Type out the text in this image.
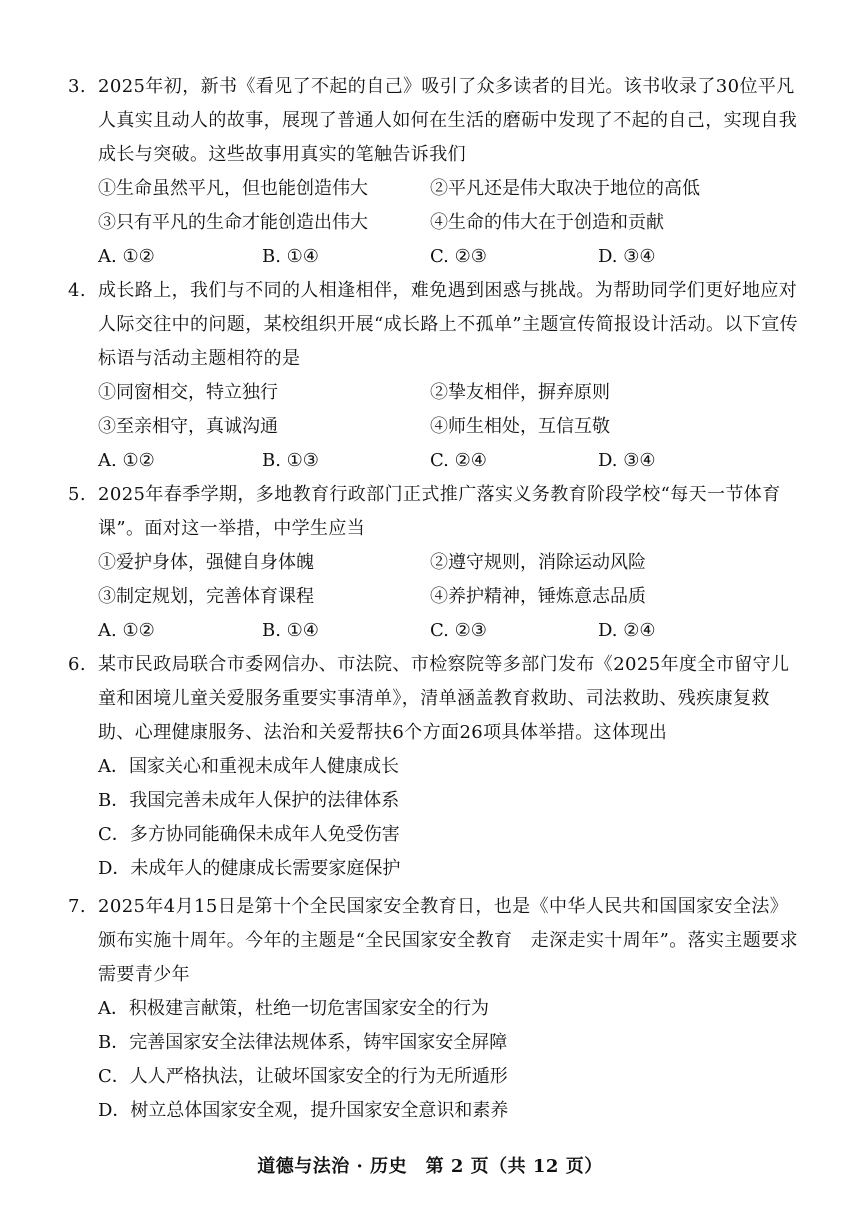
3. 2025年初，新书《看见了不起的自己》吸引了众多读者的目光。该书收录了30位平凡人真实且动人的故事，展现了普通人如何在生活的磨砺中发现了不起的自己，实现自我成长与突破。这些故事用真实的笔触告诉我们
①生命虽然平凡，但也能创造伟大	②平凡还是伟大取决于地位的高低
③只有平凡的生命才能创造出伟大	④生命的伟大在于创造和贡献
A. ①②	B. ①④	C. ②③	D. ③④
4. 成长路上，我们与不同的人相逢相伴，难免遇到困惑与挑战。为帮助同学们更好地应对人际交往中的问题，某校组织开展“成长路上不孤单”主题宣传简报设计活动。以下宣传标语与活动主题相符的是
①同窗相交，特立独行	②挚友相伴，摒弃原则
③至亲相守，真诚沟通	④师生相处，互信互敬
A. ①②	B. ①③	C. ②④	D. ③④
5. 2025年春季学期，多地教育行政部门正式推广落实义务教育阶段学校“每天一节体育课”。面对这一举措，中学生应当
①爱护身体，强健自身体魄	②遵守规则，消除运动风险
③制定规划，完善体育课程	④养护精神，锤炼意志品质
A. ①②	B. ①④	C. ②③	D. ②④
6. 某市民政局联合市委网信办、市法院、市检察院等多部门发布《2025年度全市留守儿童和困境儿童关爱服务重要实事清单》，清单涵盖教育救助、司法救助、残疾康复救助、心理健康服务、法治和关爱帮扶6个方面26项具体举措。这体现出
A．国家关心和重视未成年人健康成长
B．我国完善未成年人保护的法律体系
C．多方协同能确保未成年人免受伤害
D．未成年人的健康成长需要家庭保护
7. 2025年4月15日是第十个全民国家安全教育日，也是《中华人民共和国国家安全法》颁布实施十周年。今年的主题是“全民国家安全教育　走深走实十周年”。落实主题要求需要青少年
A．积极建言献策，杜绝一切危害国家安全的行为
B．完善国家安全法律法规体系，铸牢国家安全屏障
C．人人严格执法，让破坏国家安全的行为无所遁形
D．树立总体国家安全观，提升国家安全意识和素养
道德与法治 · 历史　第 2 页（共 12 页）
